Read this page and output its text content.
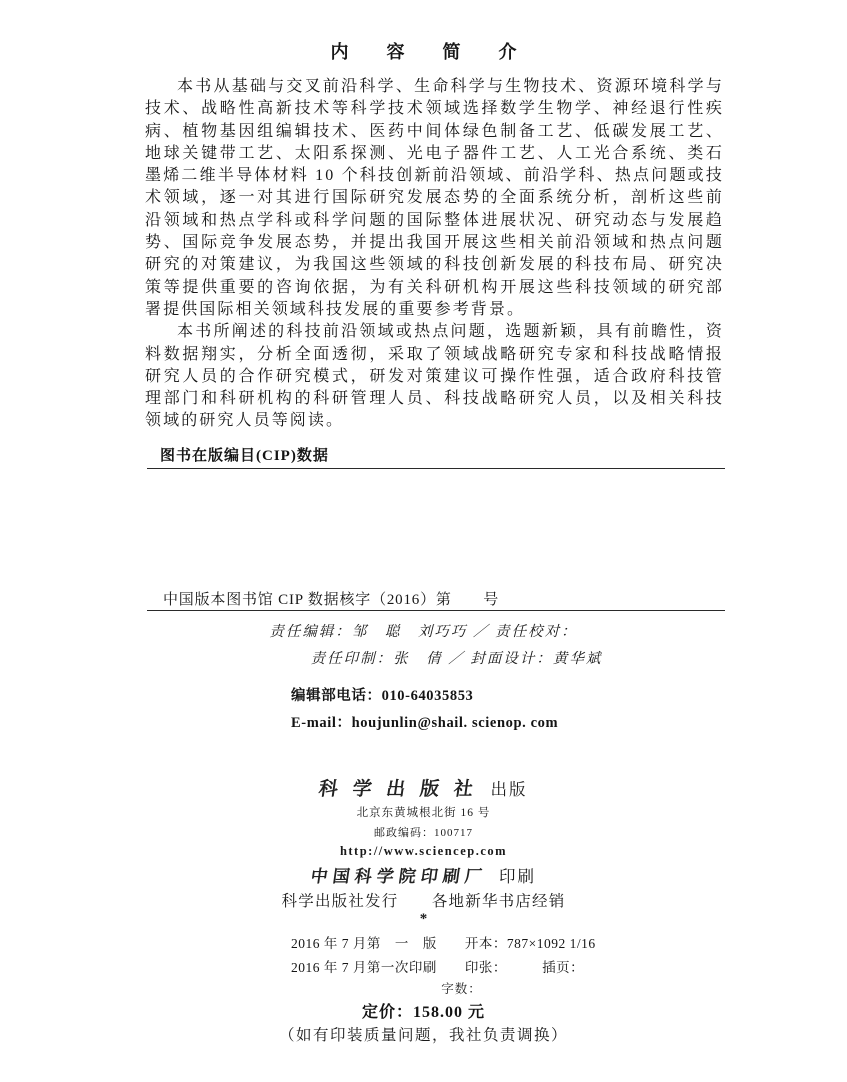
内　容　简　介

本书从基础与交叉前沿科学、生命科学与生物技术、资源环境科学与技术、战略性高新技术等科学技术领域选择数学生物学、神经退行性疾病、植物基因组编辑技术、医药中间体绿色制备工艺、低碳发展工艺、地球关键带工艺、太阳系探测、光电子器件工艺、人工光合系统、类石墨烯二维半导体材料 10 个科技创新前沿领域、前沿学科、热点问题或技术领域，逐一对其进行国际研究发展态势的全面系统分析，剖析这些前沿领域和热点学科或科学问题的国际整体进展状况、研究动态与发展趋势、国际竞争发展态势，并提出我国开展这些相关前沿领域和热点问题研究的对策建议，为我国这些领域的科技创新发展的科技布局、研究决策等提供重要的咨询依据，为有关科研机构开展这些科技领域的研究部署提供国际相关领域科技发展的重要参考背景。

本书所阐述的科技前沿领域或热点问题，选题新颖，具有前瞻性，资料数据翔实，分析全面透彻，采取了领域战略研究专家和科技战略情报研究人员的合作研究模式，研发对策建议可操作性强，适合政府科技管理部门和科研机构的科研管理人员、科技战略研究人员，以及相关科技领域的研究人员等阅读。

图书在版编目(CIP)数据
中国版本图书馆 CIP 数据核字（2016）第　　号
责任编辑：邹　聪　刘巧巧 ／ 责任校对：
责任印制：张　倩 ／ 封面设计：黄华斌
编辑部电话：010-64035853
E-mail：houjunlin@shail. scienop. com
科 学 出 版 社 出版
北京东黄城根北街 16 号
邮政编码：100717
http://www.sciencep.com
中国科学院印刷厂 印刷
科学出版社发行　　各地新华书店经销
*
2016 年 7 月第　一　版　　开本：787×1092 1/16
2016 年 7 月第一次印刷　　印张：　　　插页：
字数：
定价：158.00 元
（如有印装质量问题，我社负责调换）
